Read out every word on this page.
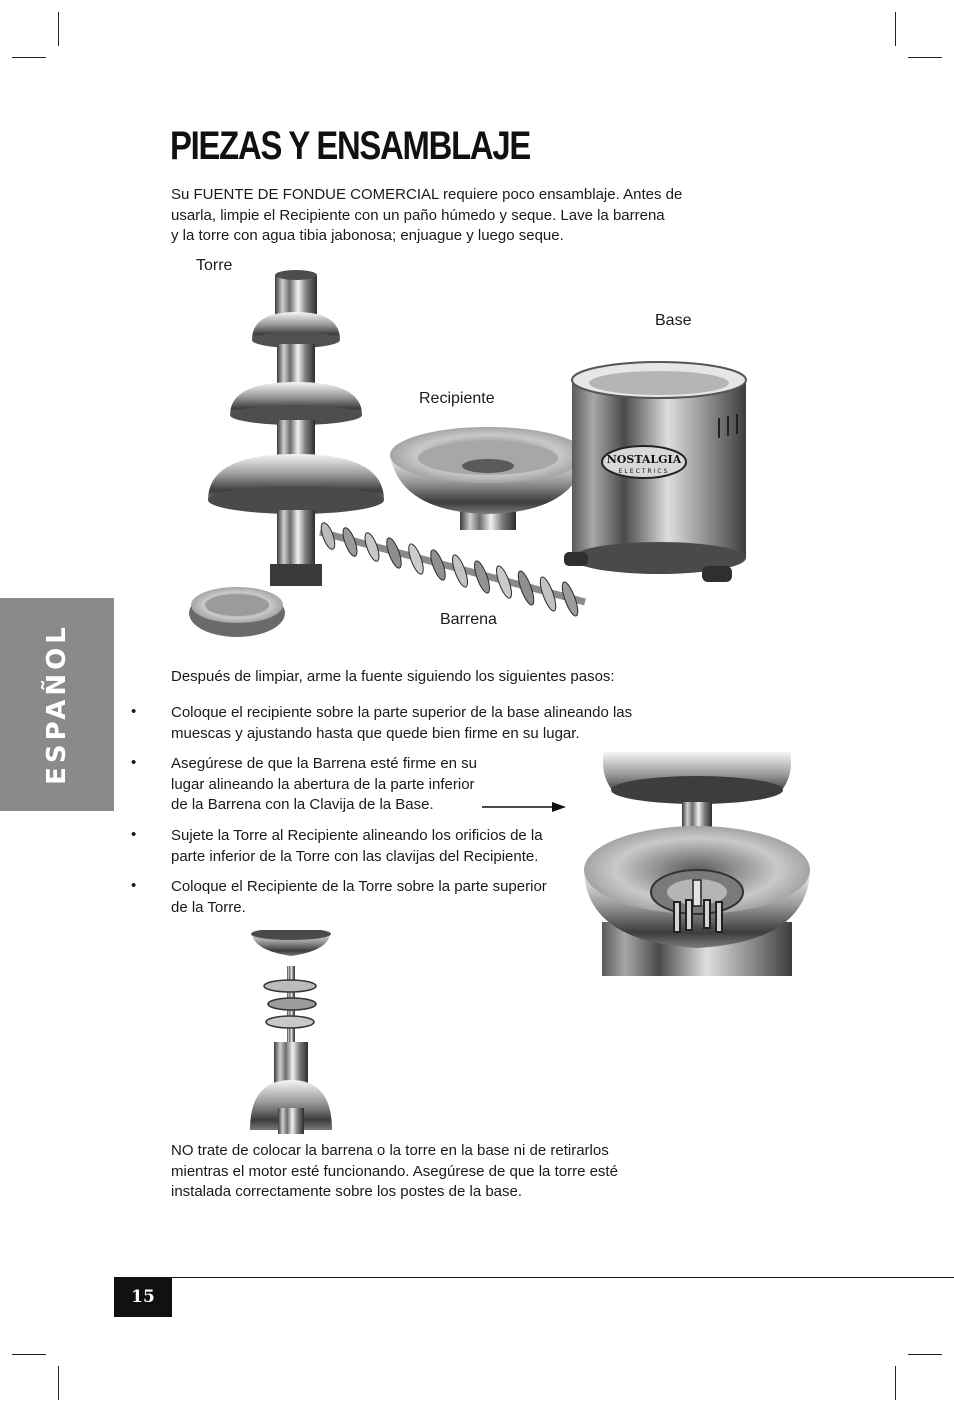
PIEZAS Y ENSAMBLAJE
Su FUENTE DE FONDUE COMERCIAL requiere poco ensamblaje. Antes de
usarla, limpie el Recipiente con un paño húmedo y seque. Lave la barrena
y la torre con agua tibia jabonosa; enjuague y luego seque.
NOSTALGIA
ELECTRICS
Torre
Base
Recipiente
Barrena
Después de limpiar, arme la fuente siguiendo los siguientes pasos:
• Coloque el recipiente sobre la parte superior de la base alineando las
muescas y ajustando hasta que quede bien firme en su lugar.
• Asegúrese de que la Barrena esté firme en su
lugar alineando la abertura de la parte inferior
de la Barrena con la Clavija de la Base.
• Sujete la Torre al Recipiente alineando los orificios de la
parte inferior de la Torre con las clavijas del Recipiente.
• Coloque el Recipiente de la Torre sobre la parte superior
de la Torre.
NO trate de colocar la barrena o la torre en la base ni de retirarlos
mientras el motor esté funcionando. Asegúrese de que la torre esté
instalada correctamente sobre los postes de la base.
ESPAÑOL
15
